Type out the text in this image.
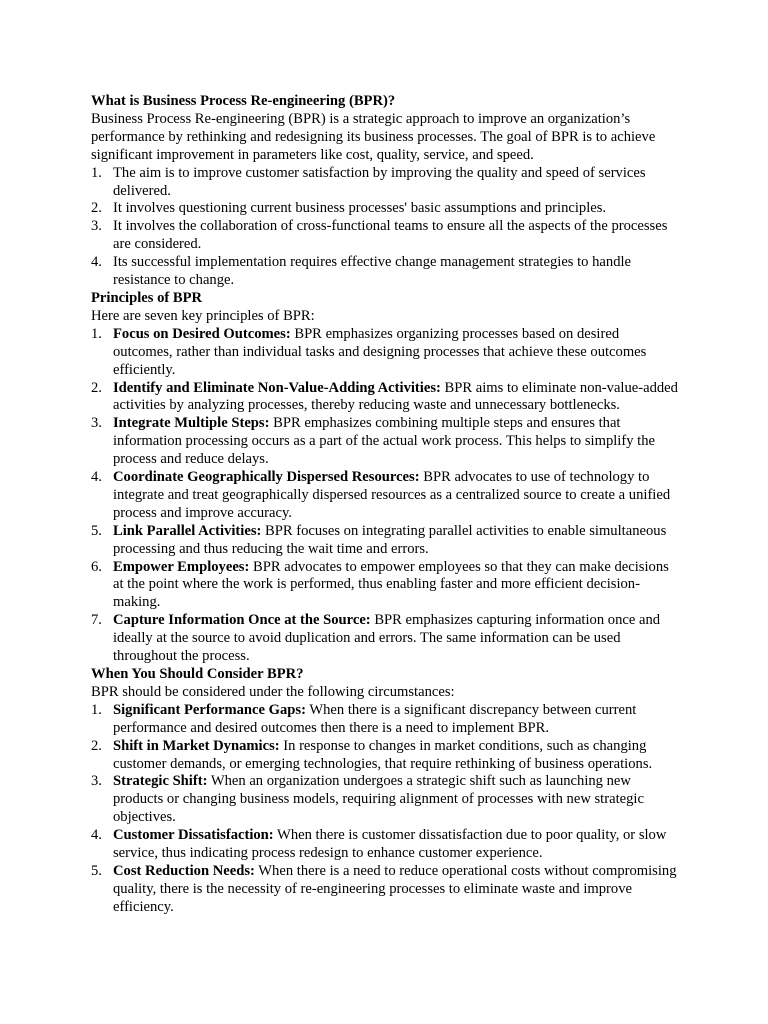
What is Business Process Re-engineering (BPR)?

Business Process Re-engineering (BPR) is a strategic approach to improve an organization’s performance by rethinking and redesigning its business processes. The goal of BPR is to achieve significant improvement in parameters like cost, quality, service, and speed.

1. The aim is to improve customer satisfaction by improving the quality and speed of services delivered.
2. It involves questioning current business processes' basic assumptions and principles.
3. It involves the collaboration of cross-functional teams to ensure all the aspects of the processes are considered.
4. Its successful implementation requires effective change management strategies to handle resistance to change.

Principles of BPR

Here are seven key principles of BPR:

1. Focus on Desired Outcomes: BPR emphasizes organizing processes based on desired outcomes, rather than individual tasks and designing processes that achieve these outcomes efficiently.
2. Identify and Eliminate Non-Value-Adding Activities: BPR aims to eliminate non-value-added activities by analyzing processes, thereby reducing waste and unnecessary bottlenecks.
3. Integrate Multiple Steps: BPR emphasizes combining multiple steps and ensures that information processing occurs as a part of the actual work process. This helps to simplify the process and reduce delays.
4. Coordinate Geographically Dispersed Resources: BPR advocates to use of technology to integrate and treat geographically dispersed resources as a centralized source to create a unified process and improve accuracy.
5. Link Parallel Activities: BPR focuses on integrating parallel activities to enable simultaneous processing and thus reducing the wait time and errors.
6. Empower Employees: BPR advocates to empower employees so that they can make decisions at the point where the work is performed, thus enabling faster and more efficient decision-making.
7. Capture Information Once at the Source: BPR emphasizes capturing information once and ideally at the source to avoid duplication and errors. The same information can be used throughout the process.

When You Should Consider BPR?

BPR should be considered under the following circumstances:

1. Significant Performance Gaps: When there is a significant discrepancy between current performance and desired outcomes then there is a need to implement BPR.
2. Shift in Market Dynamics: In response to changes in market conditions, such as changing customer demands, or emerging technologies, that require rethinking of business operations.
3. Strategic Shift: When an organization undergoes a strategic shift such as launching new products or changing business models, requiring alignment of processes with new strategic objectives.
4. Customer Dissatisfaction: When there is customer dissatisfaction due to poor quality, or slow service, thus indicating process redesign to enhance customer experience.
5. Cost Reduction Needs: When there is a need to reduce operational costs without compromising quality, there is the necessity of re-engineering processes to eliminate waste and improve efficiency.
